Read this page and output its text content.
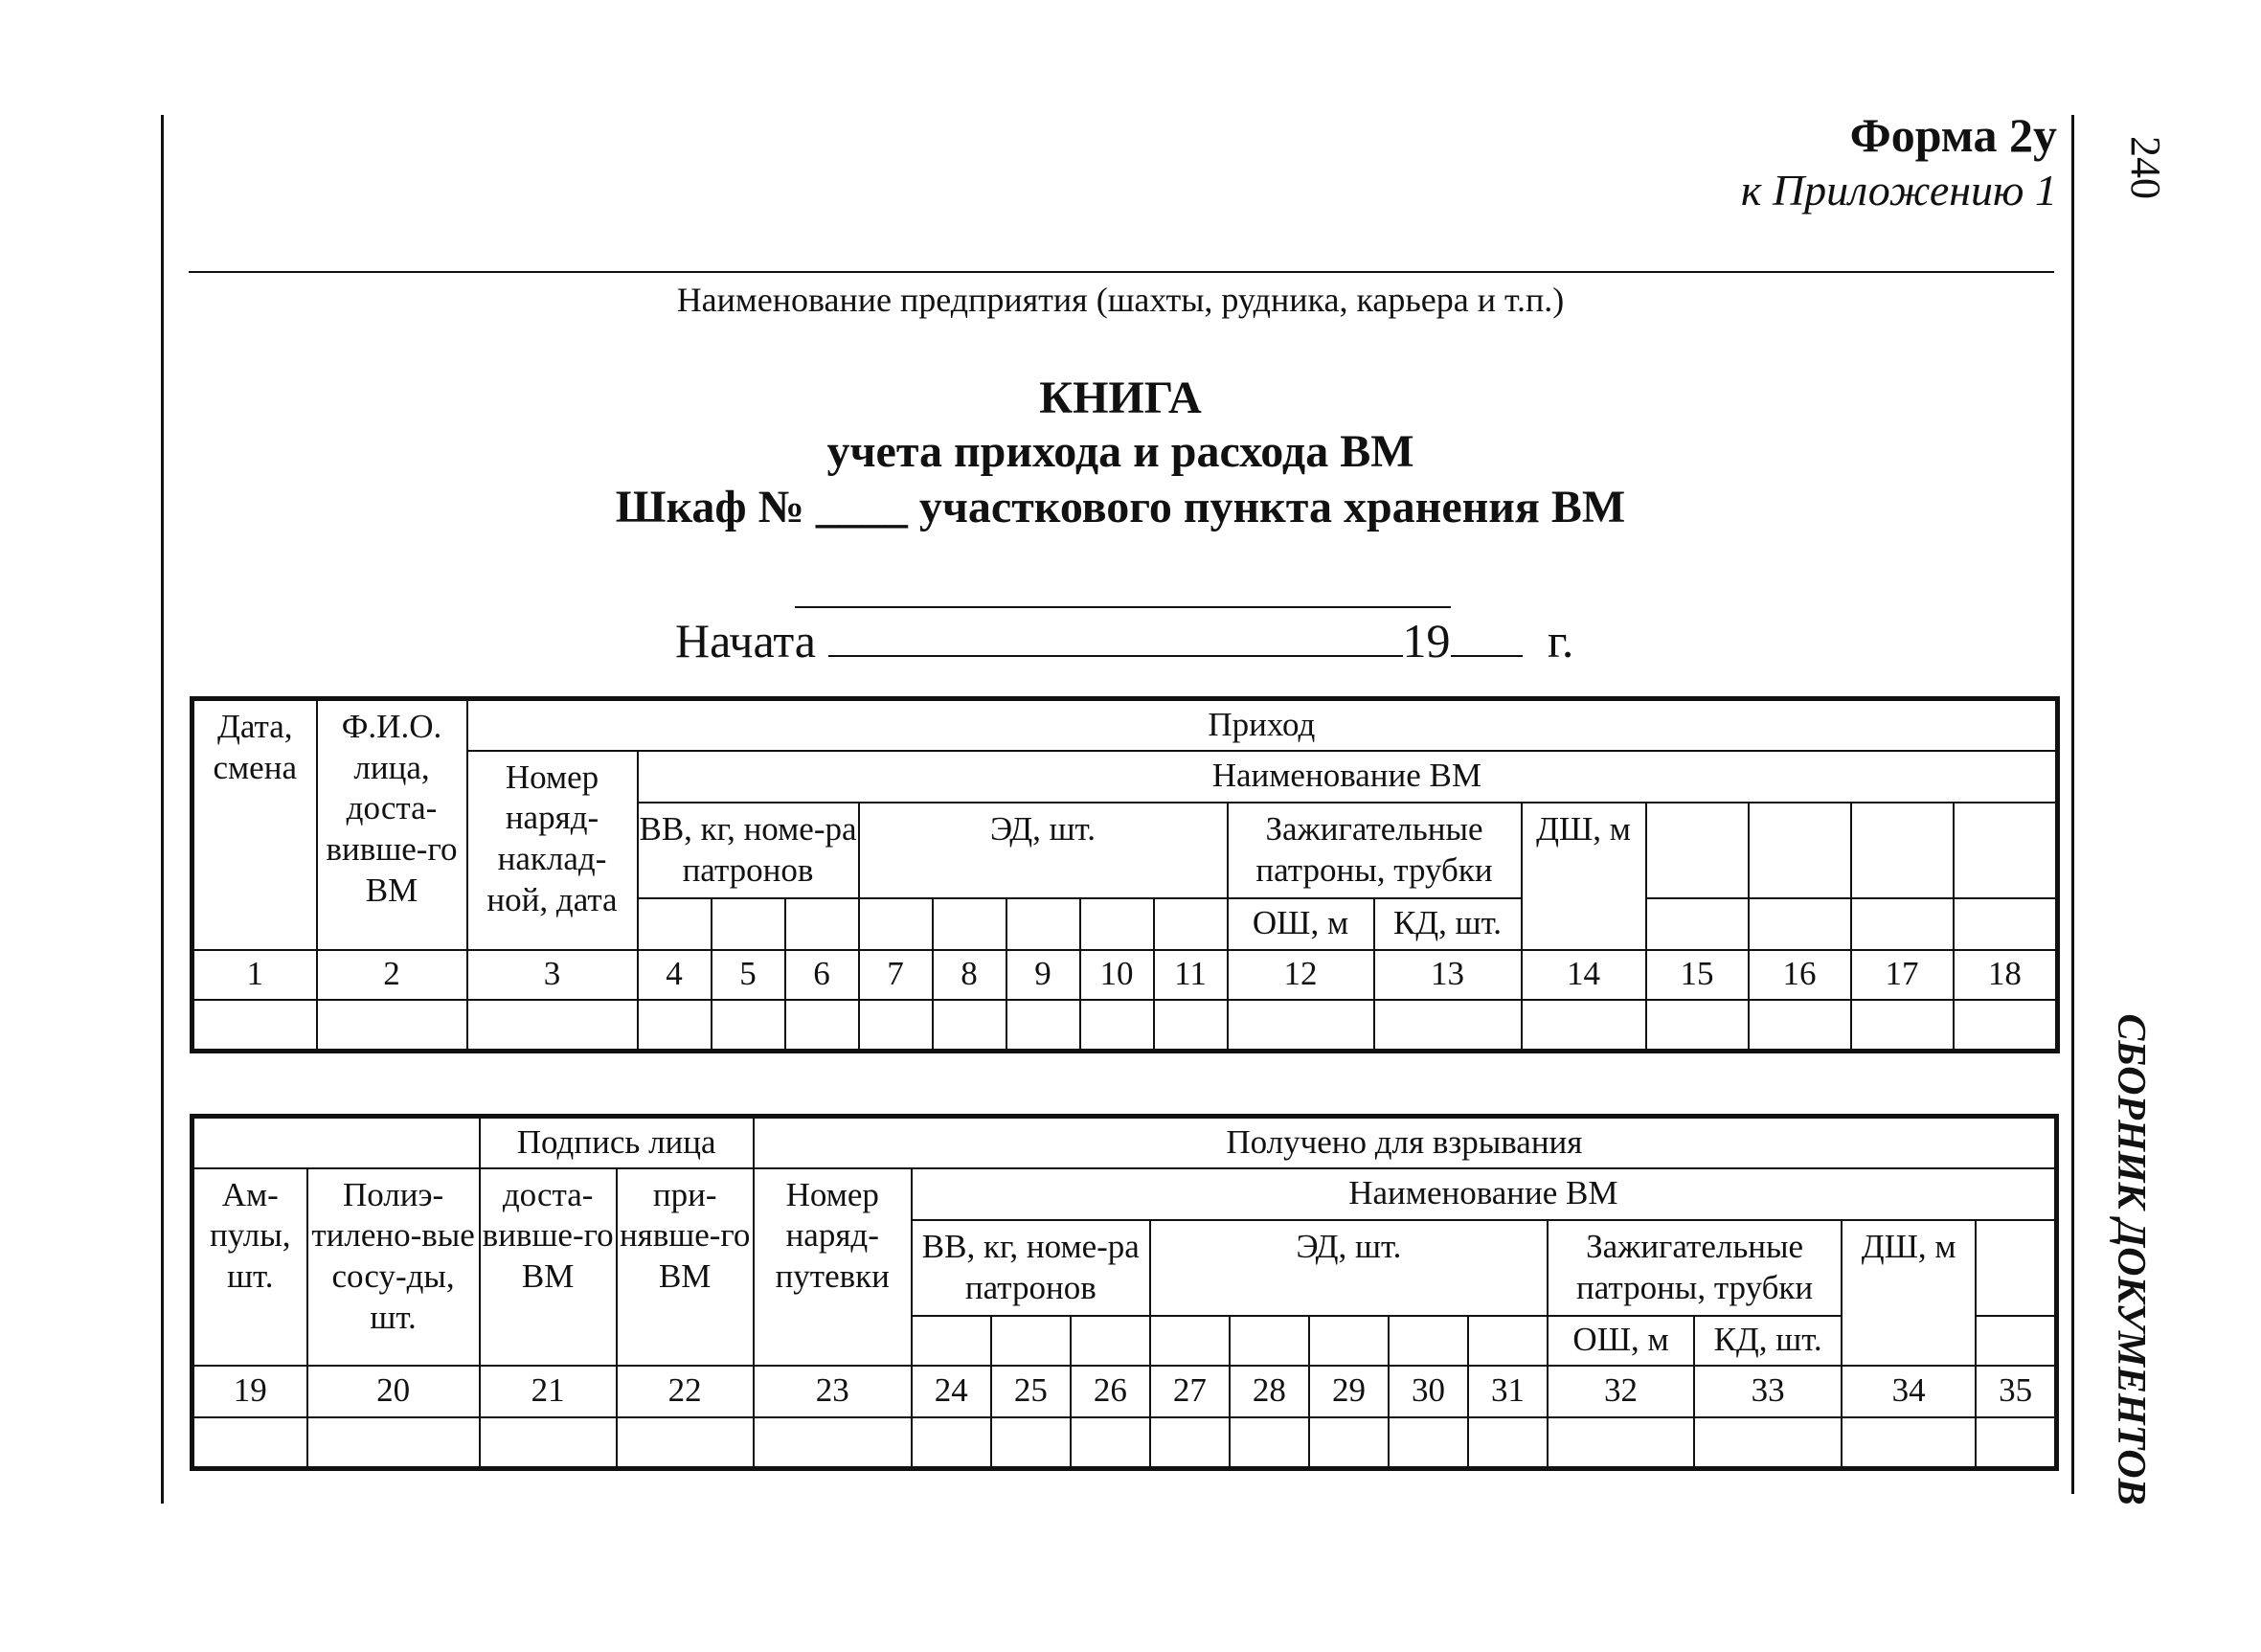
Форма 2у
к Приложению 1 240
СБОРНИК ДОКУМЕНТОВ
Наименование предприятия (шахты, рудника, карьера и т.п.)
КНИГА
учета прихода и расхода ВМ
Шкаф № ____ участкового пункта хранения ВМ
Начата	19 г.
Дата, смена	Ф.И.О. лица, доста-вивше-го ВМ	Приход															
		Номер наряд-наклад-ной, дата	Наименование ВМ														
			ВВ, кг, номе-ра патронов			ЭД, шт.					Зажигательные патроны, трубки		ДШ, м				

											ОШ, м	КД, шт.					
1	2	3	4	5	6	7	8	9	10	11	12	13	14	15	16	17	18

		Подпись лица		Получено для взрывания												
Ам-пулы, шт.	Полиэ-тилено-вые сосу-ды, шт.	доста-вивше-го ВМ	при-нявше-го ВМ	Номер наряд-путевки	Наименование ВМ											
					ВВ, кг, номе-ра патронов			ЭД, шт.					Зажигательные патроны, трубки		ДШ, м	

													ОШ, м	КД, шт.		
19	20	21	22	23	24	25	26	27	28	29	30	31	32	33	34	35
